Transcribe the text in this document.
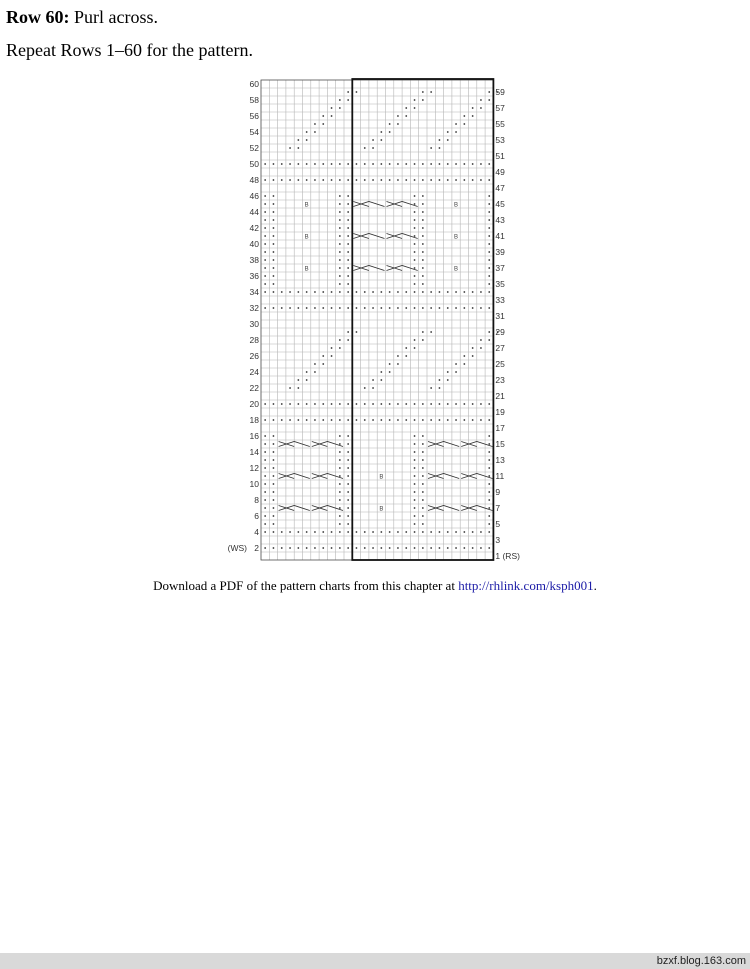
Row 60: Purl across.

Repeat Rows 1–60 for the pattern.

B
B
B	B
B	B
B	B
2
4
6
8
10
12
14
16
18
20
22
24
26
28
30
32
34
36
38
40
42
44
46
48
50
52
54
56
58
60
(WS)
1 (RS)
3
5
7
9
11
13
15
17
19
21
23
25
27
29
31
33
35
37
39
41
43
45
47
49
51
53
55
57
59

Download a PDF of the pattern charts from this chapter at http://rhlink.com/ksph001.

bzxf.blog.163.com
